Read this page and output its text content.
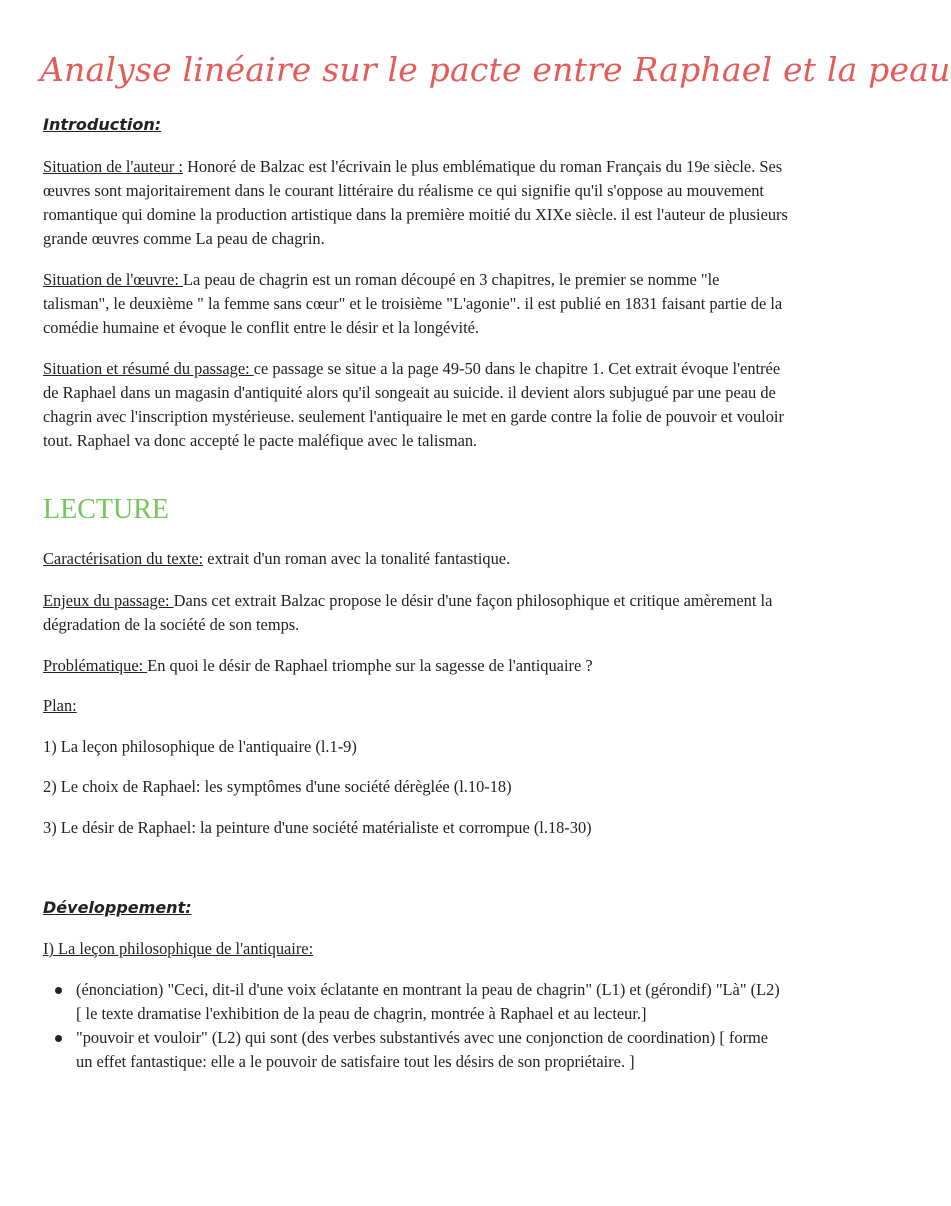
Analyse linéaire sur le pacte entre Raphael et la peau
Introduction:
Situation de l'auteur : Honoré de Balzac est l'écrivain le plus emblématique du roman Français du 19e siècle. Ses œuvres sont majoritairement dans le courant littéraire du réalisme ce qui signifie qu'il s'oppose au mouvement romantique qui domine la production artistique dans la première moitié du XIXe siècle. il est l'auteur de plusieurs grande œuvres comme La peau de chagrin.
Situation de l'œuvre: La peau de chagrin est un roman découpé en 3 chapitres, le premier se nomme "le talisman", le deuxième " la femme sans cœur" et le troisième "L'agonie". il est publié en 1831 faisant partie de la comédie humaine et évoque le conflit entre le désir et la longévité.
Situation et résumé du passage: ce passage se situe a la page 49-50 dans le chapitre 1. Cet extrait évoque l'entrée de Raphael dans un magasin d'antiquité alors qu'il songeait au suicide. il devient alors subjugué par une peau de chagrin avec l'inscription mystérieuse. seulement l'antiquaire le met en garde contre la folie de pouvoir et vouloir tout. Raphael va donc accepté le pacte maléfique avec le talisman.
LECTURE
Caractérisation du texte: extrait d'un roman avec la tonalité fantastique.
Enjeux du passage: Dans cet extrait Balzac propose le désir d'une façon philosophique et critique amèrement la dégradation de la société de son temps.
Problématique: En quoi le désir de Raphael triomphe sur la sagesse de l'antiquaire ?
Plan:
1) La leçon philosophique de l'antiquaire (l.1-9)
2) Le choix de Raphael: les symptômes d'une société dérèglée (l.10-18)
3) Le désir de Raphael: la peinture d'une société matérialiste et corrompue (l.18-30)
Développement:
I) La leçon philosophique de l'antiquaire:
(énonciation) "Ceci, dit-il d'une voix éclatante en montrant la peau de chagrin" (L1) et (gérondif) "Là" (L2) [ le texte dramatise l'exhibition de la peau de chagrin, montrée à Raphael et au lecteur.]
"pouvoir et vouloir" (L2) qui sont (des verbes substantivés avec une conjonction de coordination) [ forme un effet fantastique: elle a le pouvoir de satisfaire tout les désirs de son propriétaire. ]
